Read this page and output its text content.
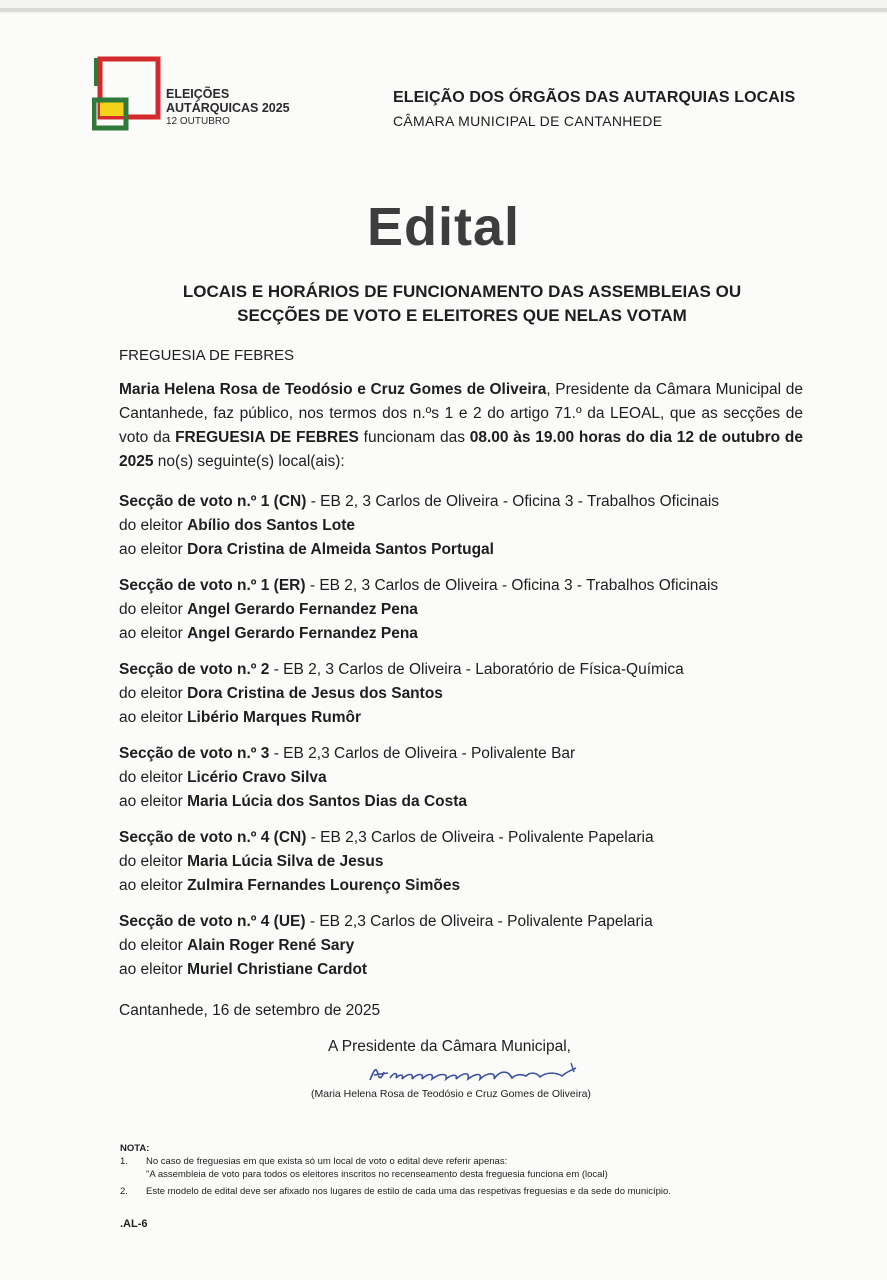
ELEIÇÕES
AUTÁRQUICAS 2025
12 OUTUBRO
ELEIÇÃO DOS ÓRGÃOS DAS AUTARQUIAS LOCAIS
CÂMARA MUNICIPAL DE CANTANHEDE
Edital
LOCAIS E HORÁRIOS DE FUNCIONAMENTO DAS ASSEMBLEIAS OU
SECÇÕES DE VOTO E ELEITORES QUE NELAS VOTAM
FREGUESIA DE FEBRES
Maria Helena Rosa de Teodósio e Cruz Gomes de Oliveira, Presidente da Câmara Municipal de Cantanhede, faz público, nos termos dos n.ºs 1 e 2 do artigo 71.º da LEOAL, que as secções de voto da FREGUESIA DE FEBRES funcionam das 08.00 às 19.00 horas do dia 12 de outubro de 2025 no(s) seguinte(s) local(ais):
Secção de voto n.º 1 (CN) - EB 2, 3 Carlos de Oliveira - Oficina 3 - Trabalhos Oficinais
do eleitor Abílio dos Santos Lote
ao eleitor Dora Cristina de Almeida Santos Portugal
Secção de voto n.º 1 (ER) - EB 2, 3 Carlos de Oliveira - Oficina 3 - Trabalhos Oficinais
do eleitor Angel Gerardo Fernandez Pena
ao eleitor Angel Gerardo Fernandez Pena
Secção de voto n.º 2 - EB 2, 3 Carlos de Oliveira - Laboratório de Física-Química
do eleitor Dora Cristina de Jesus dos Santos
ao eleitor Libério Marques Rumôr
Secção de voto n.º 3 - EB 2,3 Carlos de Oliveira - Polivalente Bar
do eleitor Licério Cravo Silva
ao eleitor Maria Lúcia dos Santos Dias da Costa
Secção de voto n.º 4 (CN) - EB 2,3 Carlos de Oliveira - Polivalente Papelaria
do eleitor Maria Lúcia Silva de Jesus
ao eleitor Zulmira Fernandes Lourenço Simões
Secção de voto n.º 4 (UE) - EB 2,3 Carlos de Oliveira - Polivalente Papelaria
do eleitor Alain Roger René Sary
ao eleitor Muriel Christiane Cardot
Cantanhede, 16 de setembro de 2025
A Presidente da Câmara Municipal,
(Maria Helena Rosa de Teodósio e Cruz Gomes de Oliveira)
NOTA:
1.	No caso de freguesias em que exista só um local de voto o edital deve referir apenas:
"A assembleia de voto para todos os eleitores inscritos no recenseamento desta freguesia funciona em (local)
2.	Este modelo de edital deve ser afixado nos lugares de estilo de cada uma das respetivas freguesias e da sede do município.
.AL-6
